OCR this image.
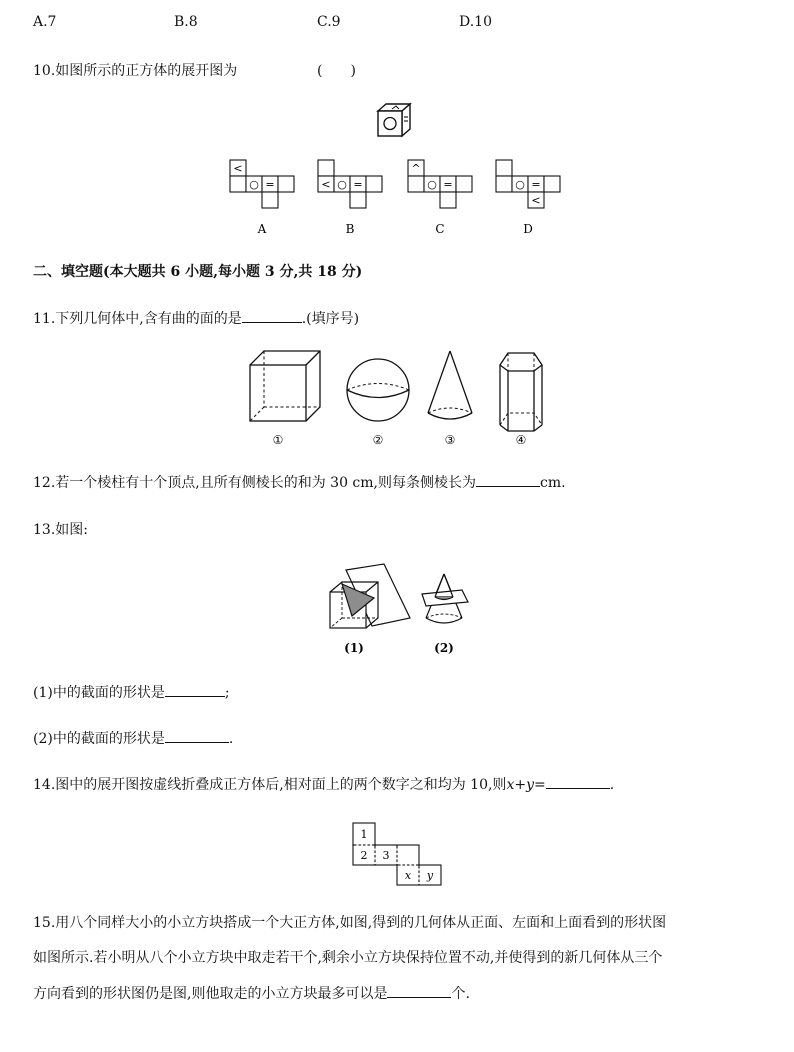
A.7	B.8	C.9	D.10
10.如图所示的正方体的展开图为	(　　)
<
○ =
A
< ○ =
B
^
○ =
C
○ =
<
D
二、填空题(本大题共 6 小题,每小题 3 分,共 18 分)
11.下列几何体中,含有曲的面的是	.(填序号)
①	②	③	④
12.若一个棱柱有十个顶点,且所有侧棱长的和为 30 cm,则每条侧棱长为	cm.
13.如图:
(1)	(2)
(1)中的截面的形状是	;
(2)中的截面的形状是	.
14.图中的展开图按虚线折叠成正方体后,相对面上的两个数字之和均为 10,则x+y=	.
1
2 3
x y
15.用八个同样大小的小立方块搭成一个大正方体,如图,得到的几何体从正面、左面和上面看到的形状图
如图所示.若小明从八个小立方块中取走若干个,剩余小立方块保持位置不动,并使得到的新几何体从三个
方向看到的形状图仍是图,则他取走的小立方块最多可以是	个.
